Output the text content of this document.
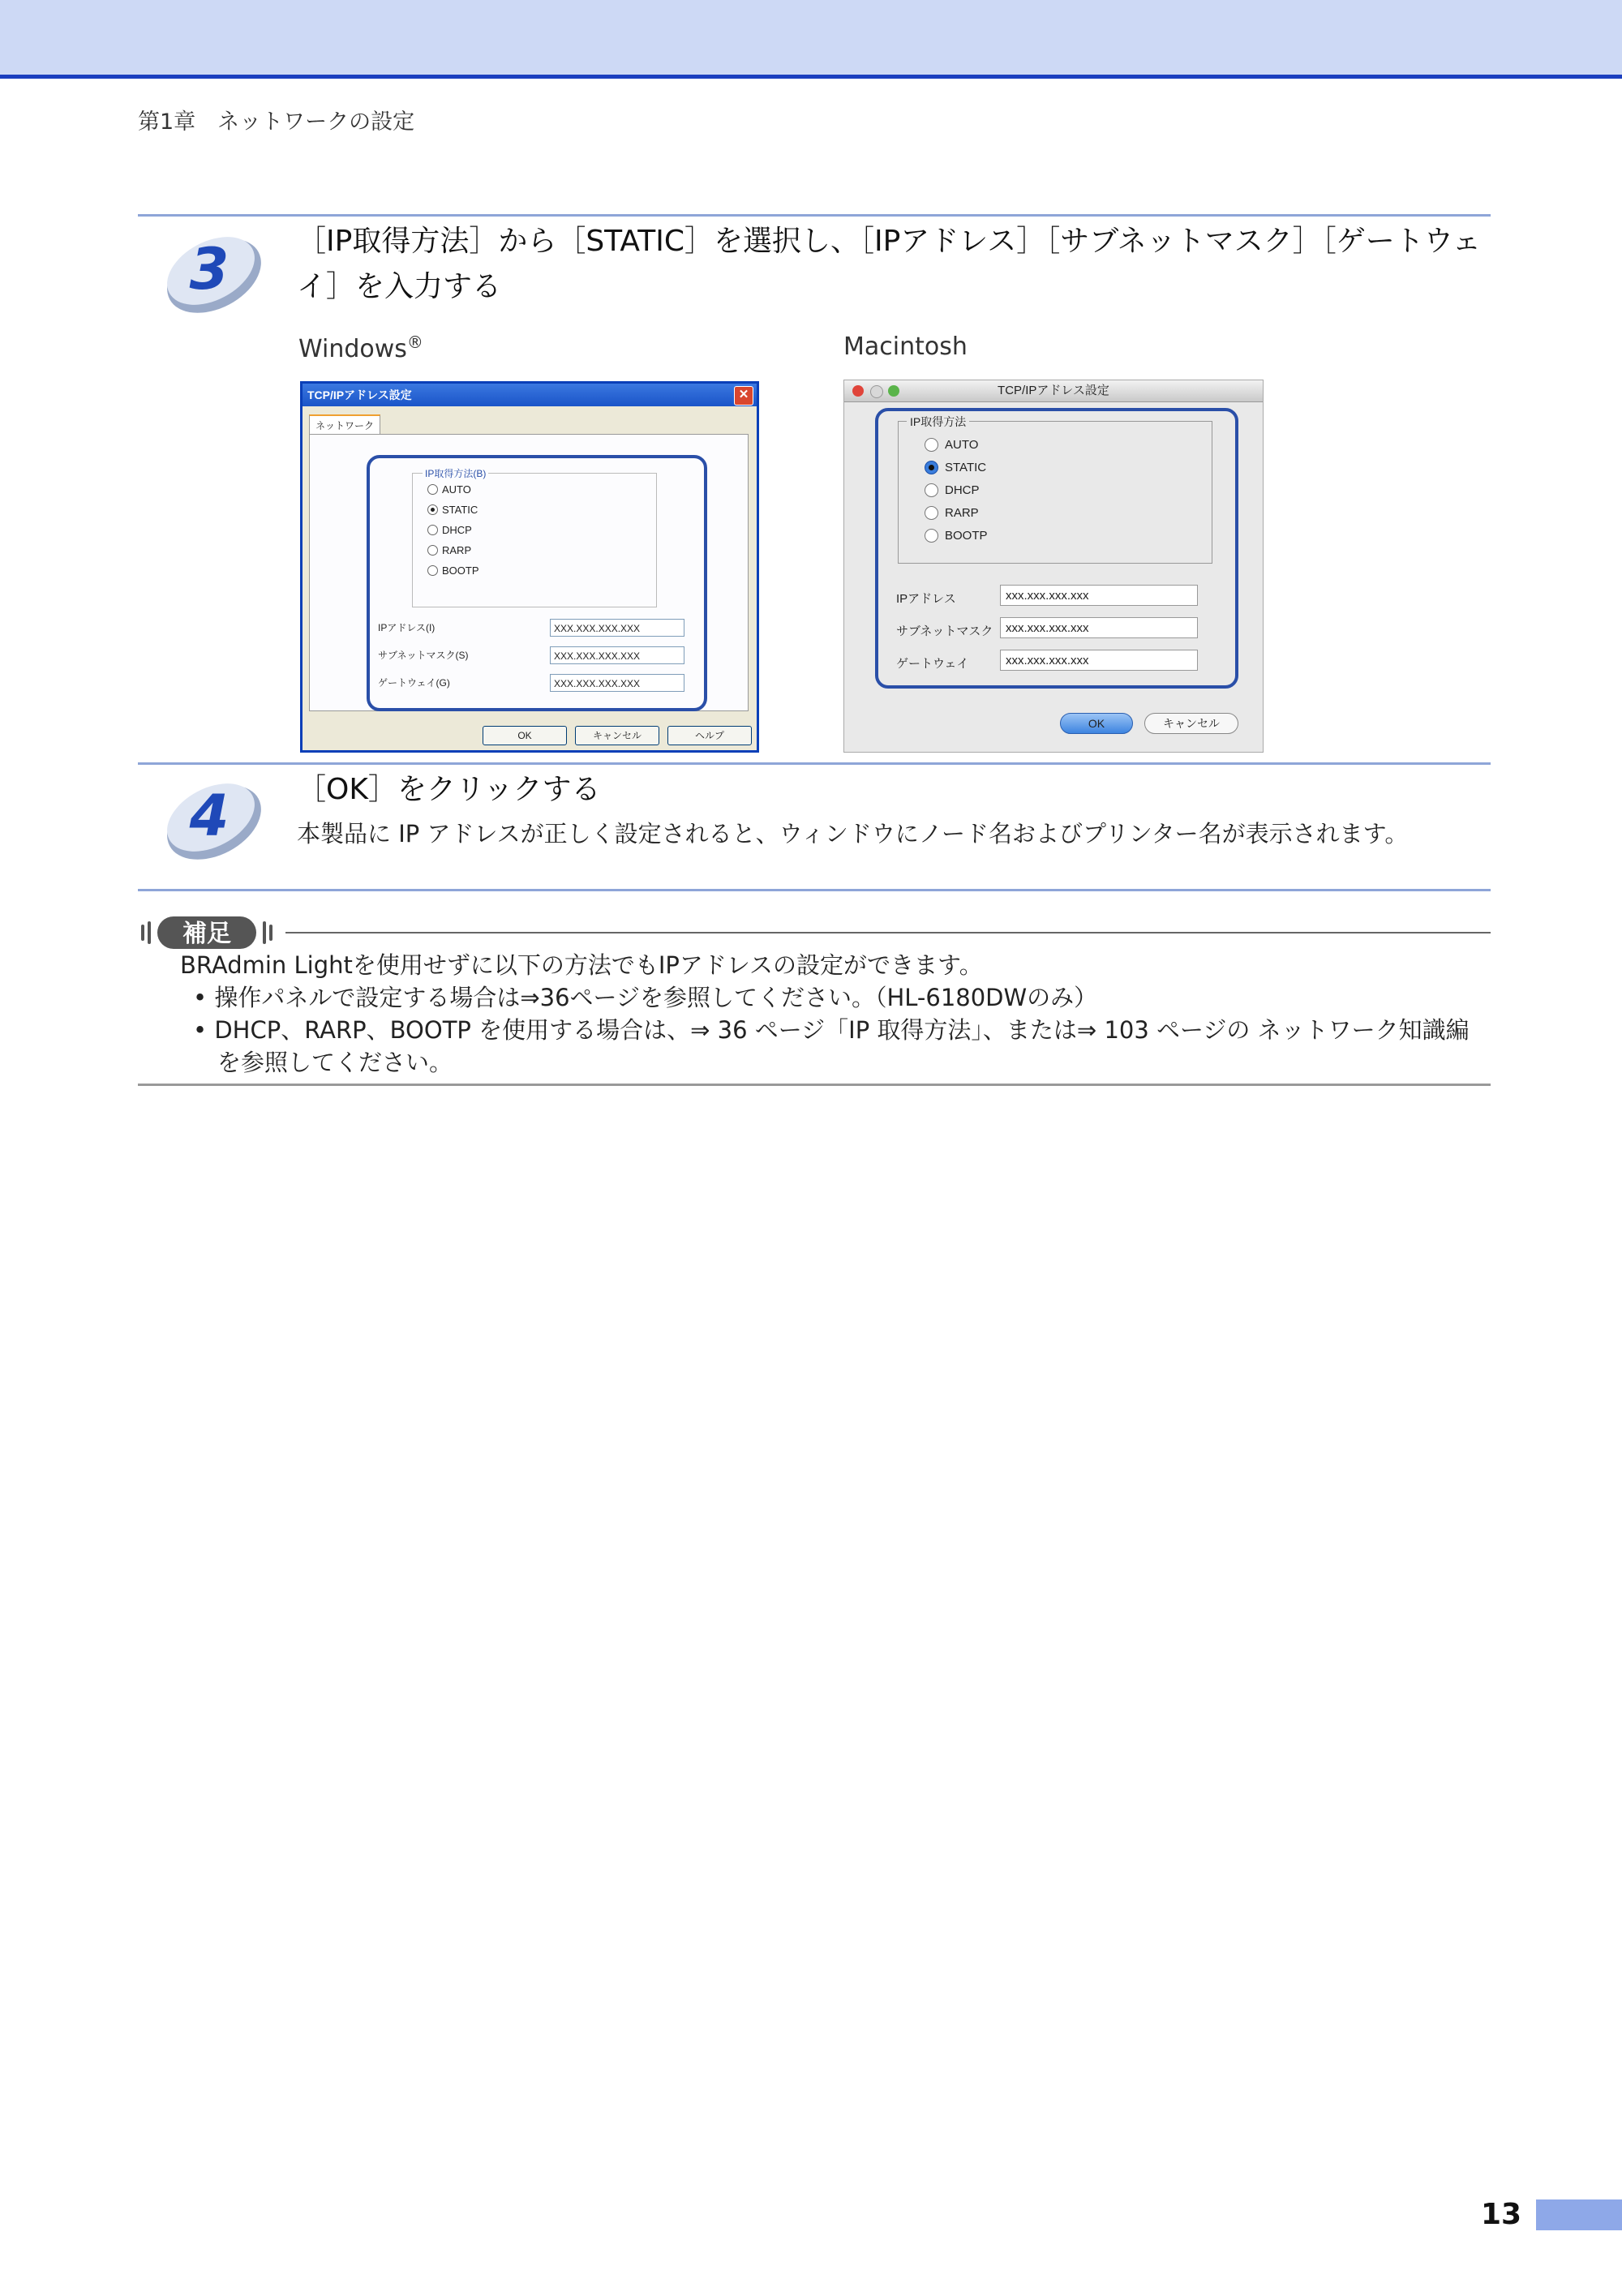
第1章　ネットワークの設定
3 ［IP取得方法］から［STATIC］を選択し、［IPアドレス］［サブネットマスク］［ゲートウェイ］を入力する
Windows®	Macintosh
TCP/IPアドレス設定	✕
ネットワーク
IP取得方法(B)
AUTO
STATIC
DHCP
RARP
BOOTP
IPアドレス(I)	XXX.XXX.XXX.XXX
サブネットマスク(S)	XXX.XXX.XXX.XXX
ゲートウェイ(G)	XXX.XXX.XXX.XXX
OK	キャンセル	ヘルプ
TCP/IPアドレス設定
IP取得方法
AUTO
STATIC
DHCP
RARP
BOOTP
IPアドレス	xxx.xxx.xxx.xxx
サブネットマスク	xxx.xxx.xxx.xxx
ゲートウェイ	xxx.xxx.xxx.xxx
OK	キャンセル
4 ［OK］をクリックする
本製品に IP アドレスが正しく設定されると、ウィンドウにノード名およびプリンター名が表示されます。
補足
BRAdmin Lightを使用せずに以下の方法でもIPアドレスの設定ができます。
• 操作パネルで設定する場合は⇒36ページを参照してください。（HL-6180DWのみ）
• DHCP、RARP、BOOTP を使用する場合は、⇒ 36 ページ「IP 取得方法」、または⇒ 103 ページの ネットワーク知識編を参照してください。
13
